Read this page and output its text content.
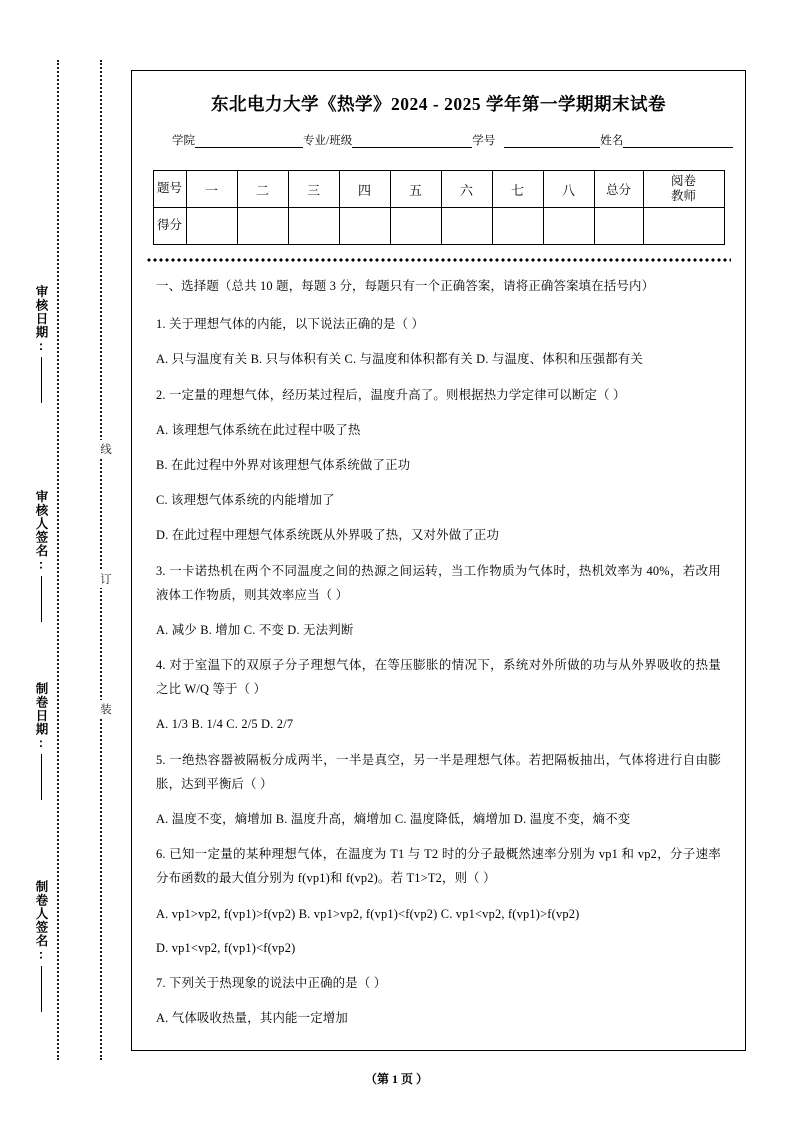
审核日期:
审核人签名:
制卷日期:
制卷人签名:
线
订
装
东北电力大学《热学》2024 - 2025 学年第一学期期末试卷
学院	专业/班级	学号	姓名
题号	一	二	三	四	五	六	七	八	总分	阅卷
教师

得分										

一、选择题（总共 10 题，每题 3 分，每题只有一个正确答案，请将正确答案填在括号内）
1. 关于理想气体的内能，以下说法正确的是（ ）
A. 只与温度有关 B. 只与体积有关 C. 与温度和体积都有关 D. 与温度、体积和压强都有关
2. 一定量的理想气体，经历某过程后，温度升高了。则根据热力学定律可以断定（ ）
A. 该理想气体系统在此过程中吸了热
B. 在此过程中外界对该理想气体系统做了正功
C. 该理想气体系统的内能增加了
D. 在此过程中理想气体系统既从外界吸了热，又对外做了正功
3. 一卡诺热机在两个不同温度之间的热源之间运转，当工作物质为气体时，热机效率为 40%，若改用液体工作物质，则其效率应当（ ）
A. 减少 B. 增加 C. 不变 D. 无法判断
4. 对于室温下的双原子分子理想气体，在等压膨胀的情况下，系统对外所做的功与从外界吸收的热量之比 W/Q 等于（ ）
A. 1/3 B. 1/4 C. 2/5 D. 2/7
5. 一绝热容器被隔板分成两半，一半是真空，另一半是理想气体。若把隔板抽出，气体将进行自由膨胀，达到平衡后（ ）
A. 温度不变，熵增加 B. 温度升高，熵增加 C. 温度降低，熵增加 D. 温度不变，熵不变
6. 已知一定量的某种理想气体，在温度为 T1 与 T2 时的分子最概然速率分别为 vp1 和 vp2，分子速率分布函数的最大值分别为 f(vp1)和 f(vp2)。若 T1>T2，则（ ）
A. vp1>vp2, f(vp1)>f(vp2) B. vp1>vp2, f(vp1)<f(vp2) C. vp1<vp2, f(vp1)>f(vp2)
D. vp1<vp2, f(vp1)<f(vp2)
7. 下列关于热现象的说法中正确的是（ ）
A. 气体吸收热量，其内能一定增加
（第 1 页 ）
